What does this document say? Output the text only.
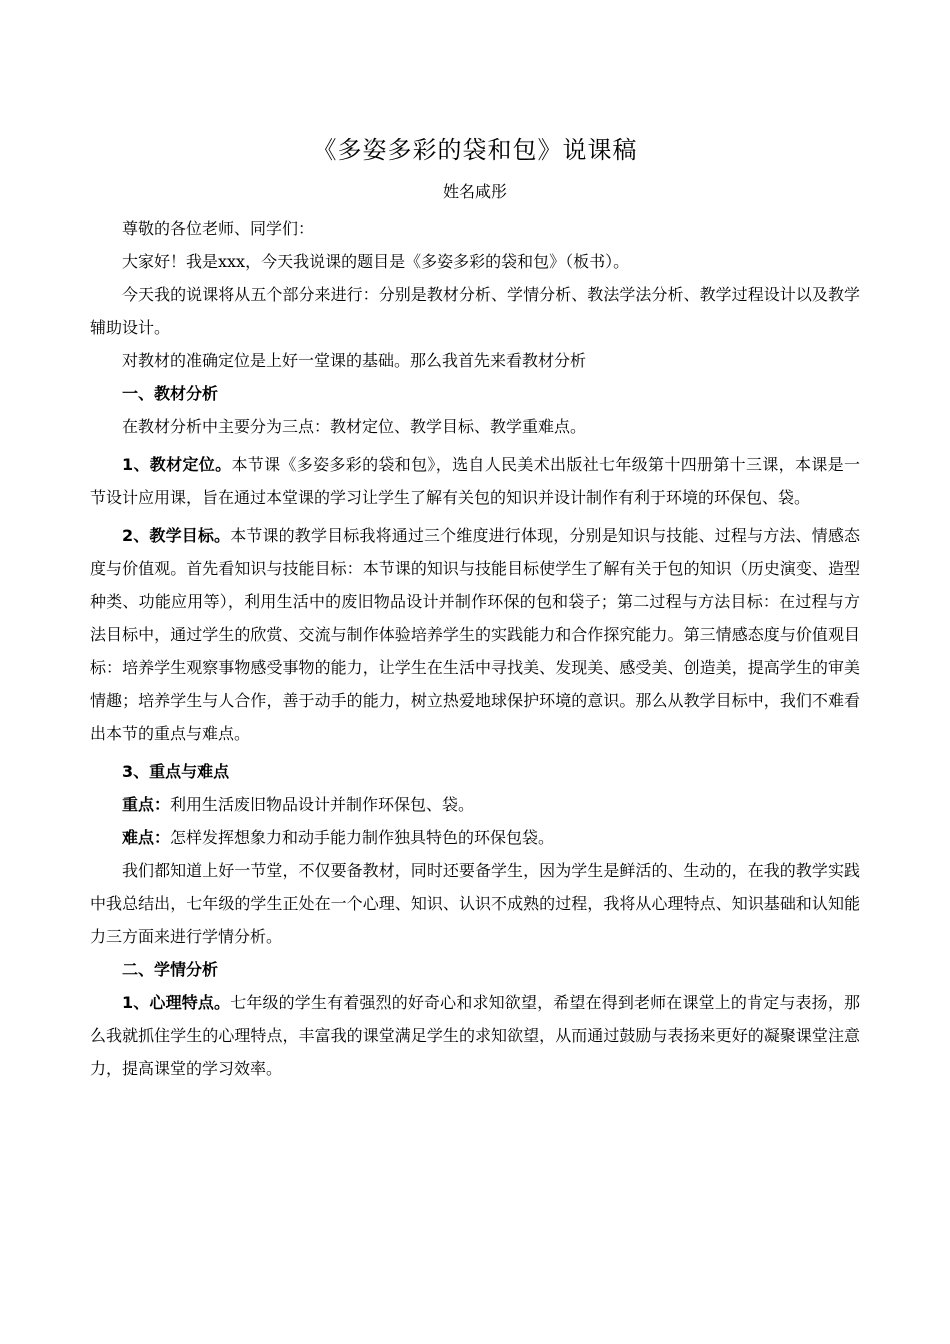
《多姿多彩的袋和包》说课稿
姓名咸彤

尊敬的各位老师、同学们：

大家好！我是xxx，今天我说课的题目是《多姿多彩的袋和包》（板书）。

今天我的说课将从五个部分来进行：分别是教材分析、学情分析、教法学法分析、教学过程设计以及教学辅助设计。

对教材的准确定位是上好一堂课的基础。那么我首先来看教材分析

一、教材分析

在教材分析中主要分为三点：教材定位、教学目标、教学重难点。

1、教材定位。本节课《多姿多彩的袋和包》，选自人民美术出版社七年级第十四册第十三课，本课是一节设计应用课，旨在通过本堂课的学习让学生了解有关包的知识并设计制作有利于环境的环保包、袋。

2、教学目标。本节课的教学目标我将通过三个维度进行体现，分别是知识与技能、过程与方法、情感态度与价值观。首先看知识与技能目标：本节课的知识与技能目标使学生了解有关于包的知识（历史演变、造型种类、功能应用等），利用生活中的废旧物品设计并制作环保的包和袋子；第二过程与方法目标：在过程与方法目标中，通过学生的欣赏、交流与制作体验培养学生的实践能力和合作探究能力。第三情感态度与价值观目标：培养学生观察事物感受事物的能力，让学生在生活中寻找美、发现美、感受美、创造美，提高学生的审美情趣；培养学生与人合作，善于动手的能力，树立热爱地球保护环境的意识。那么从教学目标中，我们不难看出本节的重点与难点。

3、重点与难点

重点：利用生活废旧物品设计并制作环保包、袋。

难点：怎样发挥想象力和动手能力制作独具特色的环保包袋。

我们都知道上好一节堂，不仅要备教材，同时还要备学生，因为学生是鲜活的、生动的，在我的教学实践中我总结出，七年级的学生正处在一个心理、知识、认识不成熟的过程，我将从心理特点、知识基础和认知能力三方面来进行学情分析。

二、学情分析

1、心理特点。七年级的学生有着强烈的好奇心和求知欲望，希望在得到老师在课堂上的肯定与表扬，那么我就抓住学生的心理特点，丰富我的课堂满足学生的求知欲望，从而通过鼓励与表扬来更好的凝聚课堂注意力，提高课堂的学习效率。
